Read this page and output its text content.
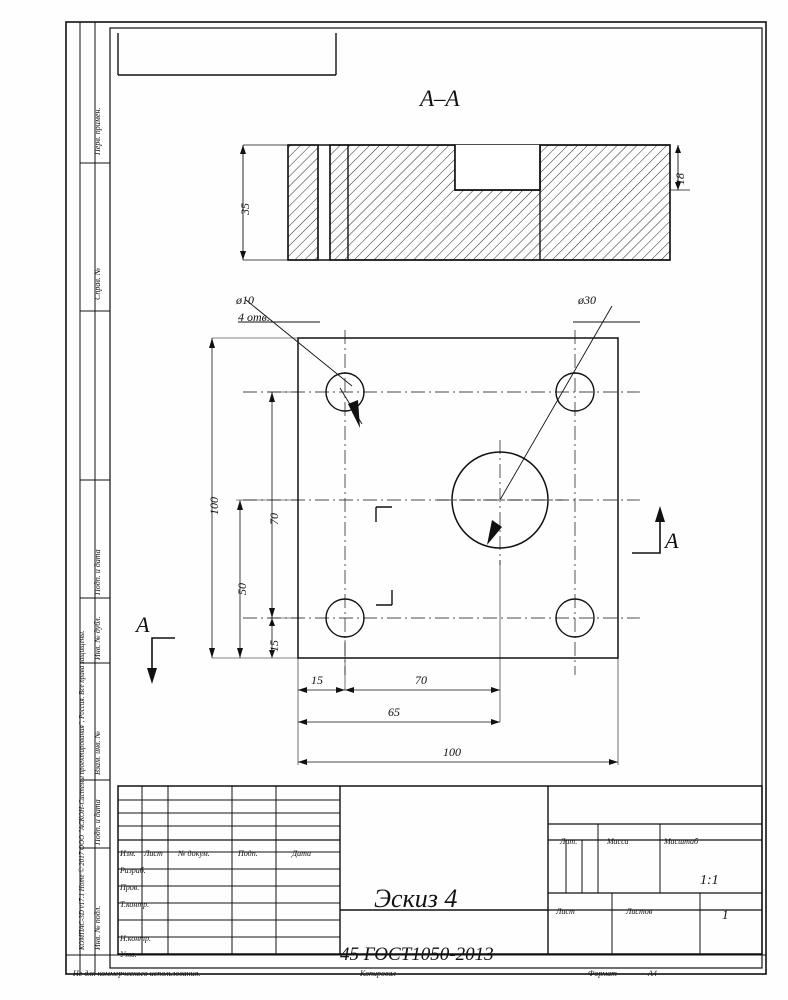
Перв. примен.
Справ. №
Подп. и дата
Инв. № дубл.
Взам. инв. №
Подп. и дата
Инв. № подл.
КОМПАС-3D v17.1 Home © 2017 ООО "АСКОН-Системы проектирования", Россия. Все права защищены.
А–А
35
18
ø10
4 отв.
ø30
А
А
100
70
50
15
15	70
65
100
Изм. Лист № докум.	Подп.	Дата
Разраб.
Пров.
Т.контр.
Н.контр.
Утв.
Эскиз 4
45 ГОСТ1050-2013
Лит.	Масса	Масштаб
1:1
Лист	Листов	1
Не для коммерческого использования.	Копировал	Формат	A4
